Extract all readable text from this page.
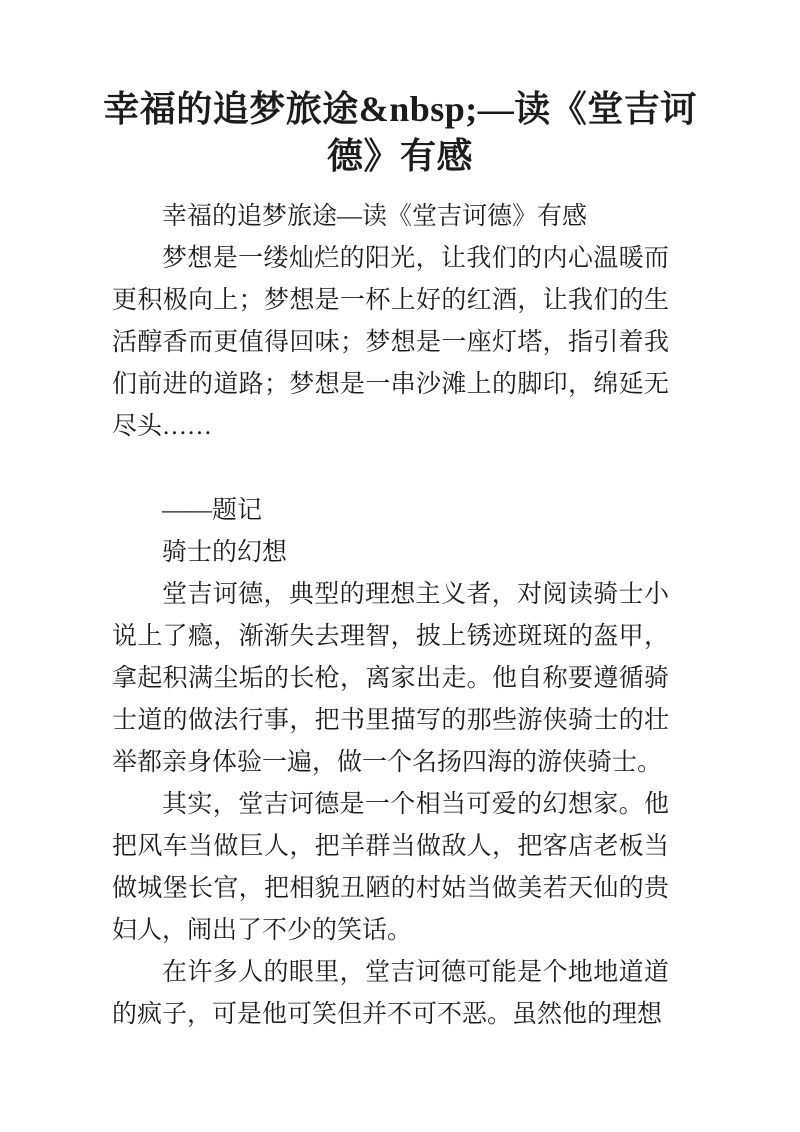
幸福的追梦旅途&nbsp;—读《堂吉诃德》有感

幸福的追梦旅途—读《堂吉诃德》有感

梦想是一缕灿烂的阳光，让我们的内心温暖而更积极向上；梦想是一杯上好的红酒，让我们的生活醇香而更值得回味；梦想是一座灯塔，指引着我们前进的道路；梦想是一串沙滩上的脚印，绵延无尽头……

——题记

骑士的幻想

堂吉诃德，典型的理想主义者，对阅读骑士小说上了瘾，渐渐失去理智，披上锈迹斑斑的盔甲，拿起积满尘垢的长枪，离家出走。他自称要遵循骑士道的做法行事，把书里描写的那些游侠骑士的壮举都亲身体验一遍，做一个名扬四海的游侠骑士。

其实，堂吉诃德是一个相当可爱的幻想家。他把风车当做巨人，把羊群当做敌人，把客店老板当做城堡长官，把相貌丑陋的村姑当做美若天仙的贵妇人，闹出了不少的笑话。

在许多人的眼里，堂吉诃德可能是个地地道道的疯子，可是他可笑但并不可不恶。虽然他的理想
